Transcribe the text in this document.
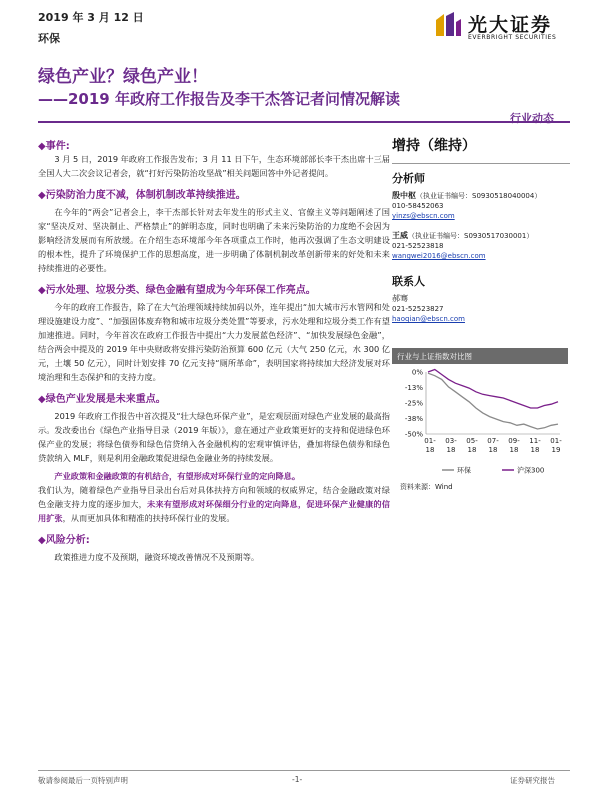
2019 年 3 月 12 日
环保
光大证券
EVERBRIGHT SECURITIES
绿色产业？绿色产业！
——2019 年政府工作报告及李干杰答记者问情况解读
行业动态
◆事件:

3 月 5 日，2019 年政府工作报告发布；3 月 11 日下午，生态环境部部长李干杰出席十三届全国人大二次会议记者会，就“打好污染防治攻坚战”相关问题回答中外记者提问。

◆污染防治力度不减，体制机制改革持续推进。

在今年的“两会”记者会上，李干杰部长针对去年发生的形式主义、官僚主义等问题阐述了国家“坚决反对、坚决制止、严格禁止”的鲜明态度，同时也明确了未来污染防治的力度绝不会因为影响经济发展而有所放缓。在介绍生态环境部今年各项重点工作时，他再次强调了生态文明建设的根本性，提升了环境保护工作的思想高度，进一步明确了体制机制改革创新带来的好处和未来持续推进的必要性。

◆污水处理、垃圾分类、绿色金融有望成为今年环保工作亮点。

今年的政府工作报告，除了在大气治理领域持续加码以外，连年提出“加大城市污水管网和处理设施建设力度”、“加强固体废弃物和城市垃圾分类处置”等要求，污水处理和垃圾分类工作有望加速推进。同时，今年首次在政府工作报告中提出“大力发展蓝色经济”、“加快发展绿色金融”，结合两会中提及的 2019 年中央财政将安排污染防治预算 600 亿元（大气 250 亿元，水 300 亿元，土壤 50 亿元），同时计划安排 70 亿元支持“厕所革命”，表明国家将持续加大经济发展对环境治理和生态保护和的支持力度。

◆绿色产业发展是未来重点。

2019 年政府工作报告中首次提及“壮大绿色环保产业”，是宏观层面对绿色产业发展的最高指示。发改委出台《绿色产业指导目录（2019 年版）》，意在通过产业政策更好的支持和促进绿色环保产业的发展；将绿色债券和绿色信贷纳入各金融机构的宏观审慎评估，叠加将绿色债券和绿色贷款纳入 MLF，则是利用金融政策促进绿色金融业务的持续发展。

产业政策和金融政策的有机结合，有望形成对环保行业的定向降息。

我们认为，随着绿色产业指导目录出台后对具体扶持方向和领域的权威界定，结合金融政策对绿色金融支持力度的逐步加大，未来有望形成对环保细分行业的定向降息，促进环保产业健康的信用扩张，从而更加具体和精准的扶持环保行业的发展。

◆风险分析:

政策推进力度不及预期，融资环境改善情况不及预期等。

增持（维持）
分析师
殷中枢（执业证书编号：S0930518040004）
010-58452063
yinzs@ebscn.com
王威（执业证书编号：S0930517030001）
021-52523818
wangwei2016@ebscn.com
联系人
郝骞
021-52523827
haoqian@ebscn.com
行业与上证指数对比图
0%
-13%
-25%
-38%
-50%
01-
18
03-
18
05-
18
07-
18
09-
18
11-
18
01-
19
环保	沪深300
资料来源：Wind
敬请参阅最后一页特别声明	-1-	证券研究报告
